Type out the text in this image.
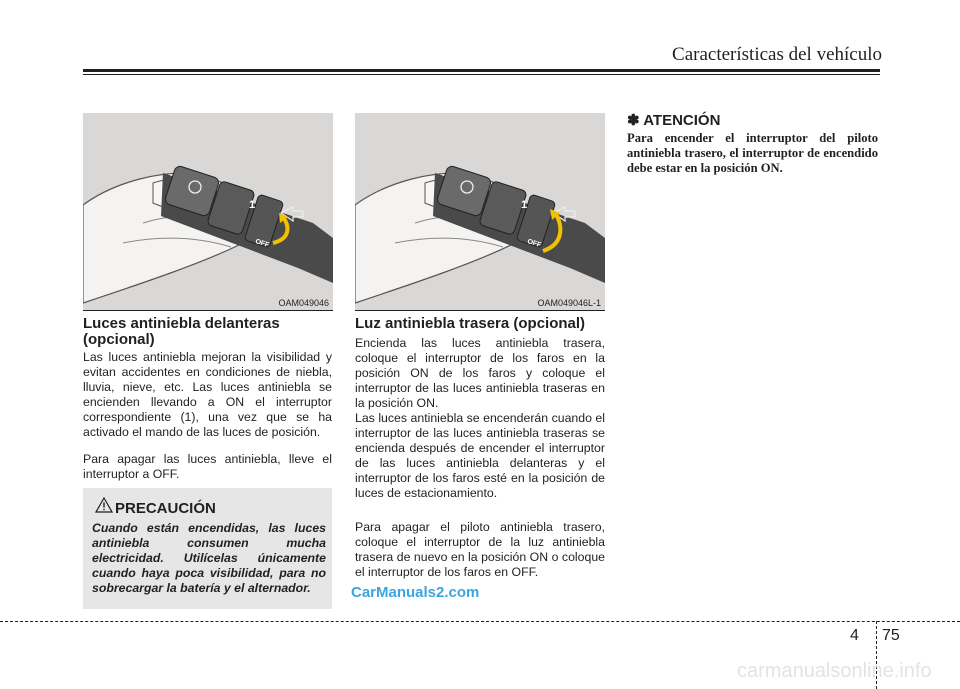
Características del vehículo
1
OFF
OAM049046
1
OFF
OAM049046L-1
Luces antiniebla delanteras (opcional)

Las luces antiniebla mejoran la visibilidad y evitan accidentes en condiciones de niebla, lluvia, nieve, etc. Las luces antiniebla se encienden llevando a ON el interruptor correspondiente (1), una vez que se ha activado el mando de las luces de posición.

Para apagar las luces antiniebla, lleve el interruptor a OFF.

PRECAUCIÓN
Cuando están encendidas, las luces antiniebla consumen mucha electricidad. Utilícelas únicamente cuando haya poca visibilidad, para no sobrecargar la batería y el alternador.
Luz antiniebla trasera (opcional)

Encienda las luces antiniebla trasera, coloque el interruptor de los faros en la posición ON de los faros y coloque el interruptor de las luces antiniebla traseras en la posición ON.

Las luces antiniebla se encenderán cuando el interruptor de las luces antiniebla traseras se encienda después de encender el interruptor de las luces antiniebla delanteras y el interruptor de los faros esté en la posición de luces de estacionamiento.

Para apagar el piloto antiniebla trasero, coloque el interruptor de la luz antiniebla trasera de nuevo en la posición ON o coloque el interruptor de los faros en OFF.

✽ ATENCIÓN
Para encender el interruptor del piloto antiniebla trasero, el interruptor de encendido debe estar en la posición ON.
CarManuals2.com
4 75
carmanualsonline.info
